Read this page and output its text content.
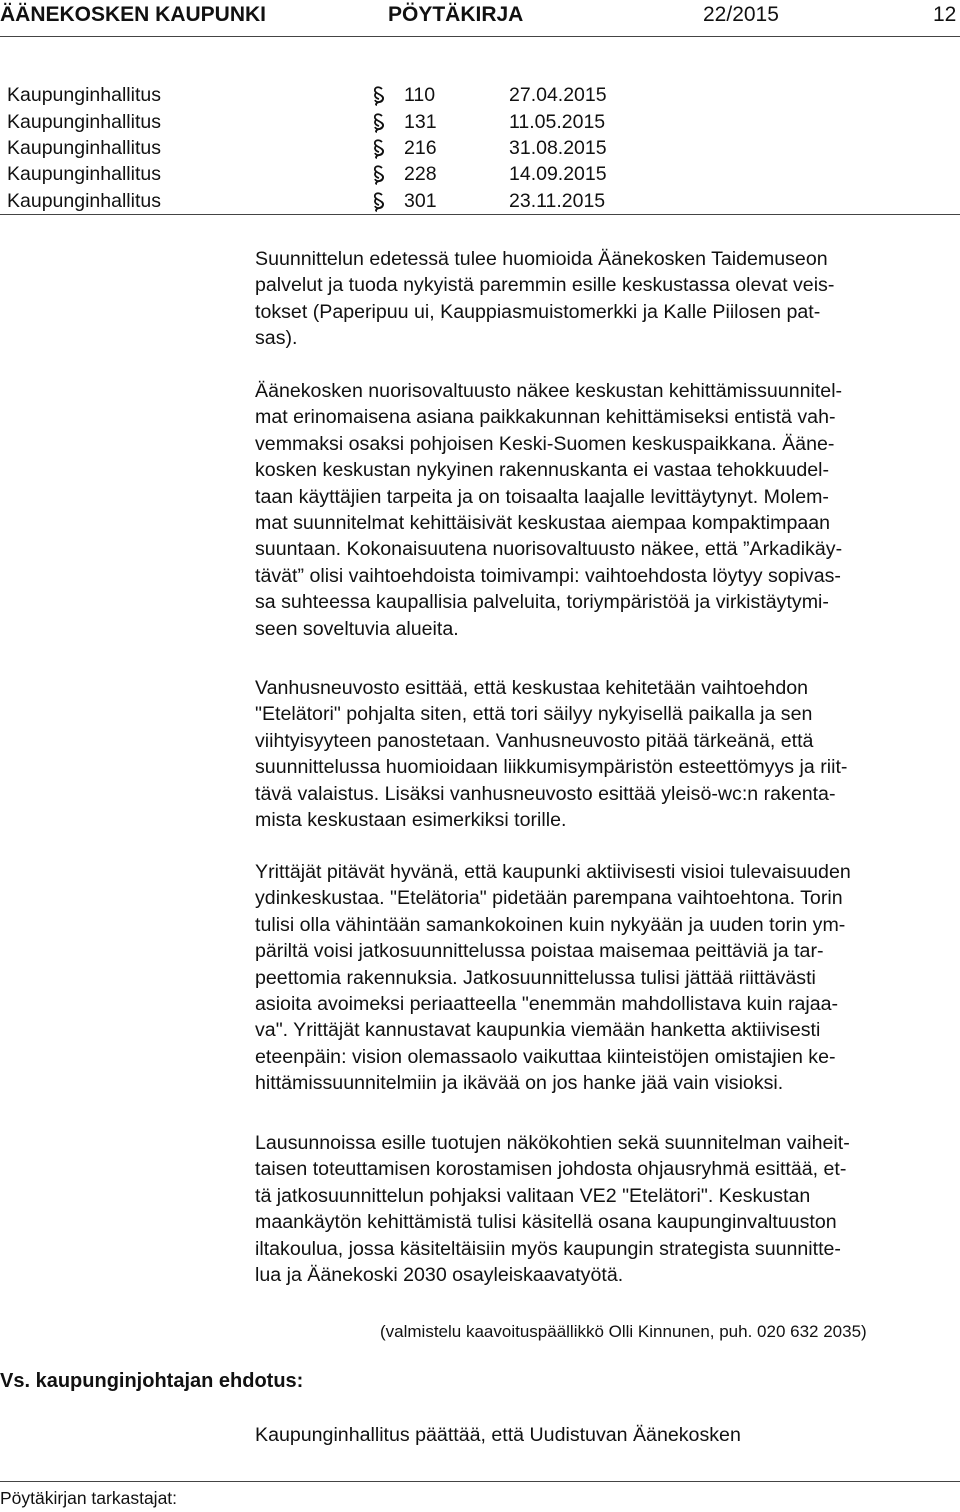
ÄÄNEKOSKEN KAUPUNKI	PÖYTÄKIRJA	22/2015	12
Kaupunginhallitus	110	27.04.2015
Kaupunginhallitus	131	11.05.2015
Kaupunginhallitus	216	31.08.2015
Kaupunginhallitus	228	14.09.2015
Kaupunginhallitus	301	23.11.2015

Suunnittelun edetessä tulee huomioida Äänekosken Taidemuseon
palvelut ja tuoda nykyistä paremmin esille keskustassa olevat veis-
tokset (Paperipuu ui, Kauppiasmuistomerkki ja Kalle Piilosen pat-
sas).

Äänekosken nuorisovaltuusto näkee keskustan kehittämissuunnitel-
mat erinomaisena asiana paikkakunnan kehittämiseksi entistä vah-
vemmaksi osaksi pohjoisen Keski-Suomen keskuspaikkana. Ääne-
kosken keskustan nykyinen rakennuskanta ei vastaa tehokkuudel-
taan käyttäjien tarpeita ja on toisaalta laajalle levittäytynyt. Molem-
mat suunnitelmat kehittäisivät keskustaa aiempaa kompaktimpaan
suuntaan. Kokonaisuutena nuorisovaltuusto näkee, että ”Arkadikäy-
tävät” olisi vaihtoehdoista toimivampi: vaihtoehdosta löytyy sopivas-
sa suhteessa kaupallisia palveluita, toriympäristöä ja virkistäytymi-
seen soveltuvia alueita.

Vanhusneuvosto esittää, että keskustaa kehitetään vaihtoehdon
"Etelätori" pohjalta siten, että tori säilyy nykyisellä paikalla ja sen
viihtyisyyteen panostetaan. Vanhusneuvosto pitää tärkeänä, että
suunnittelussa huomioidaan liikkumisympäristön esteettömyys ja riit-
tävä valaistus. Lisäksi vanhusneuvosto esittää yleisö-wc:n rakenta-
mista keskustaan esimerkiksi torille.

Yrittäjät pitävät hyvänä, että kaupunki aktiivisesti visioi tulevaisuuden
ydinkeskustaa. "Etelätoria" pidetään parempana vaihtoehtona. Torin
tulisi olla vähintään samankokoinen kuin nykyään ja uuden torin ym-
päriltä voisi jatkosuunnittelussa poistaa maisemaa peittäviä ja tar-
peettomia rakennuksia. Jatkosuunnittelussa tulisi jättää riittävästi
asioita avoimeksi periaatteella "enemmän mahdollistava kuin rajaa-
va". Yrittäjät kannustavat kaupunkia viemään hanketta aktiivisesti
eteenpäin: vision olemassaolo vaikuttaa kiinteistöjen omistajien ke-
hittämissuunnitelmiin ja ikävää on jos hanke jää vain visioksi.

Lausunnoissa esille tuotujen näkökohtien sekä suunnitelman vaiheit-
taisen toteuttamisen korostamisen johdosta ohjausryhmä esittää, et-
tä jatkosuunnittelun pohjaksi valitaan VE2 "Etelätori". Keskustan
maankäytön kehittämistä tulisi käsitellä osana kaupunginvaltuuston
iltakoulua, jossa käsiteltäisiin myös kaupungin strategista suunnitte-
lua ja Äänekoski 2030 osayleiskaavatyötä.

(valmistelu kaavoituspäällikkö Olli Kinnunen, puh. 020 632 2035)
Vs. kaupunginjohtajan ehdotus:
Kaupunginhallitus päättää, että Uudistuvan Äänekosken
Pöytäkirjan tarkastajat:
